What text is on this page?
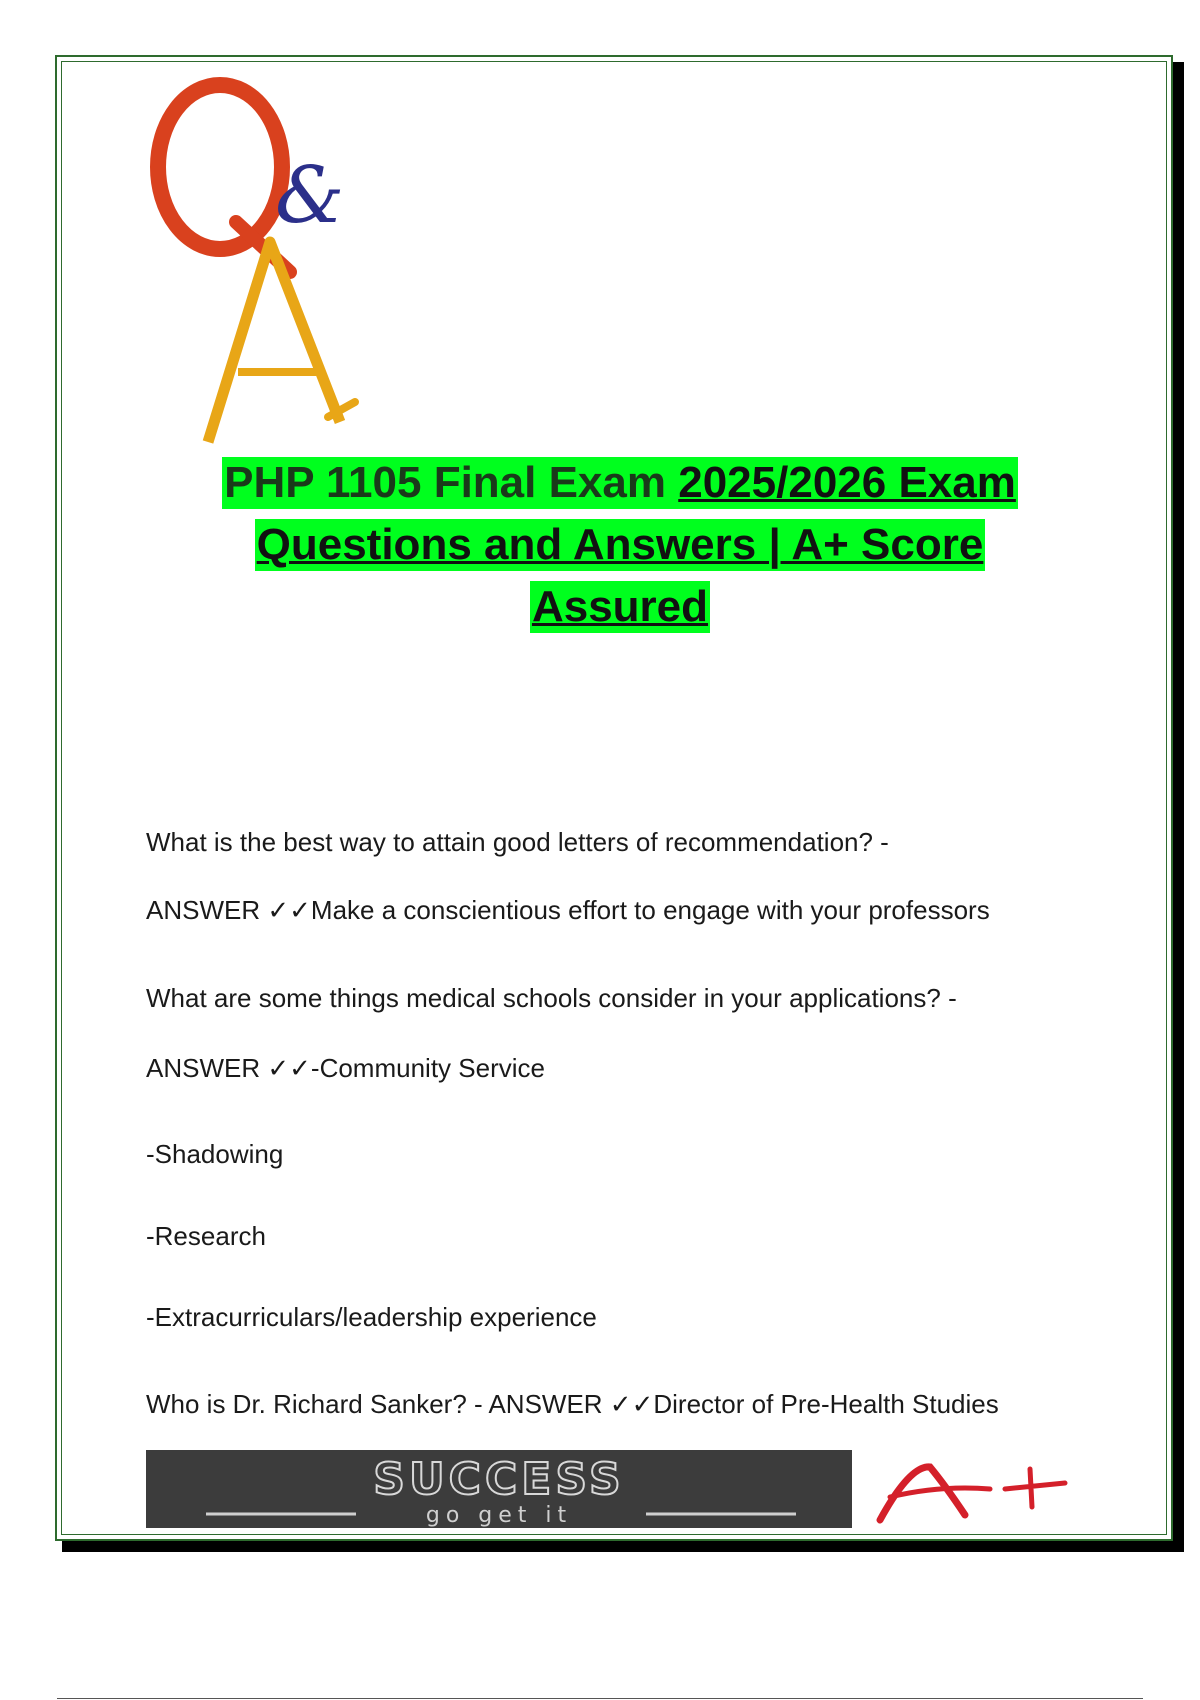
&
PHP 1105 Final Exam 2025/2026 Exam
Questions and Answers | A+ Score
Assured
What is the best way to attain good letters of recommendation? -
ANSWER ✓✓Make a conscientious effort to engage with your professors
What are some things medical schools consider in your applications? -
ANSWER ✓✓-Community Service
-Shadowing
-Research
-Extracurriculars/leadership experience
Who is Dr. Richard Sanker? - ANSWER ✓✓Director of Pre-Health Studies
SUCCESS
go get it
